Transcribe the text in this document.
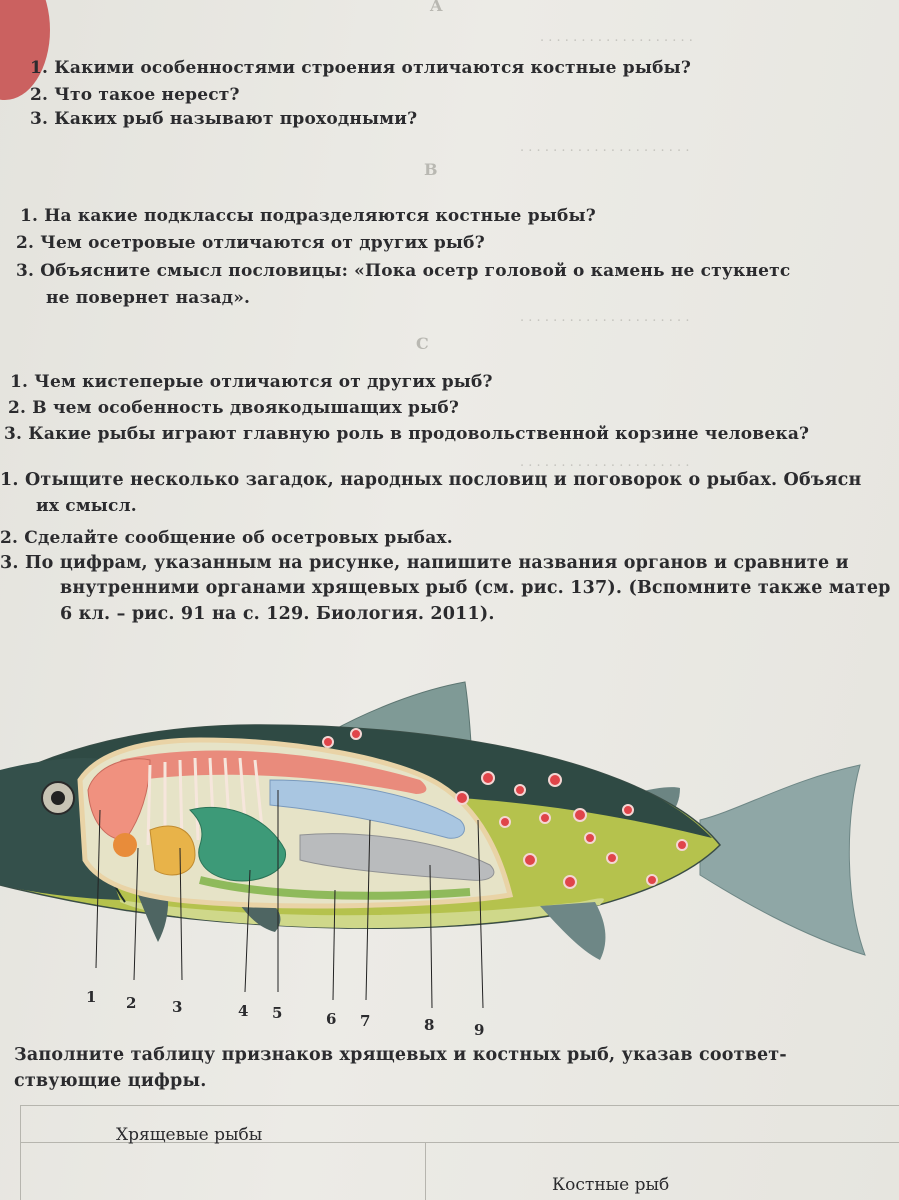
. . . . . . . . . . . . . . . . . . .
. . . . . . . . . . . . . . . . . . . . .
. . . . . . . . . . . . . . . . . . . . .
. . . . . . . . . . . . . . . . . . . . .
A
1. Какими особенностями строения отличаются костные рыбы?
2. Что такое нерест?
3. Каких рыб называют проходными?
B
1. На какие подклассы подразделяются костные рыбы?
2. Чем осетровые отличаются от других рыб?
3. Объясните смысл пословицы: «Пока осетр головой о камень не стукнетс
не повернет назад».
C
1. Чем кистеперые отличаются от других рыб?
2. В чем особенность двоякодышащих рыб?
3. Какие рыбы играют главную роль в продовольственной корзине человека?
1. Отыщите несколько загадок, народных пословиц и поговорок о рыбах. Объясн
их смысл.
2. Сделайте сообщение об осетровых рыбах.
3. По цифрам, указанным на рисунке, напишите названия органов и сравните и
внутренними органами хрящевых рыб (см. рис. 137). (Вспомните также матер
6 кл. – рис. 91 на с. 129. Биология. 2011).
1 2 3	4 5	6 7	8	9
Заполните таблицу признаков хрящевых и костных рыб, указав соответ-
ствующие цифры.
Хрящевые рыбы
Костные рыб
